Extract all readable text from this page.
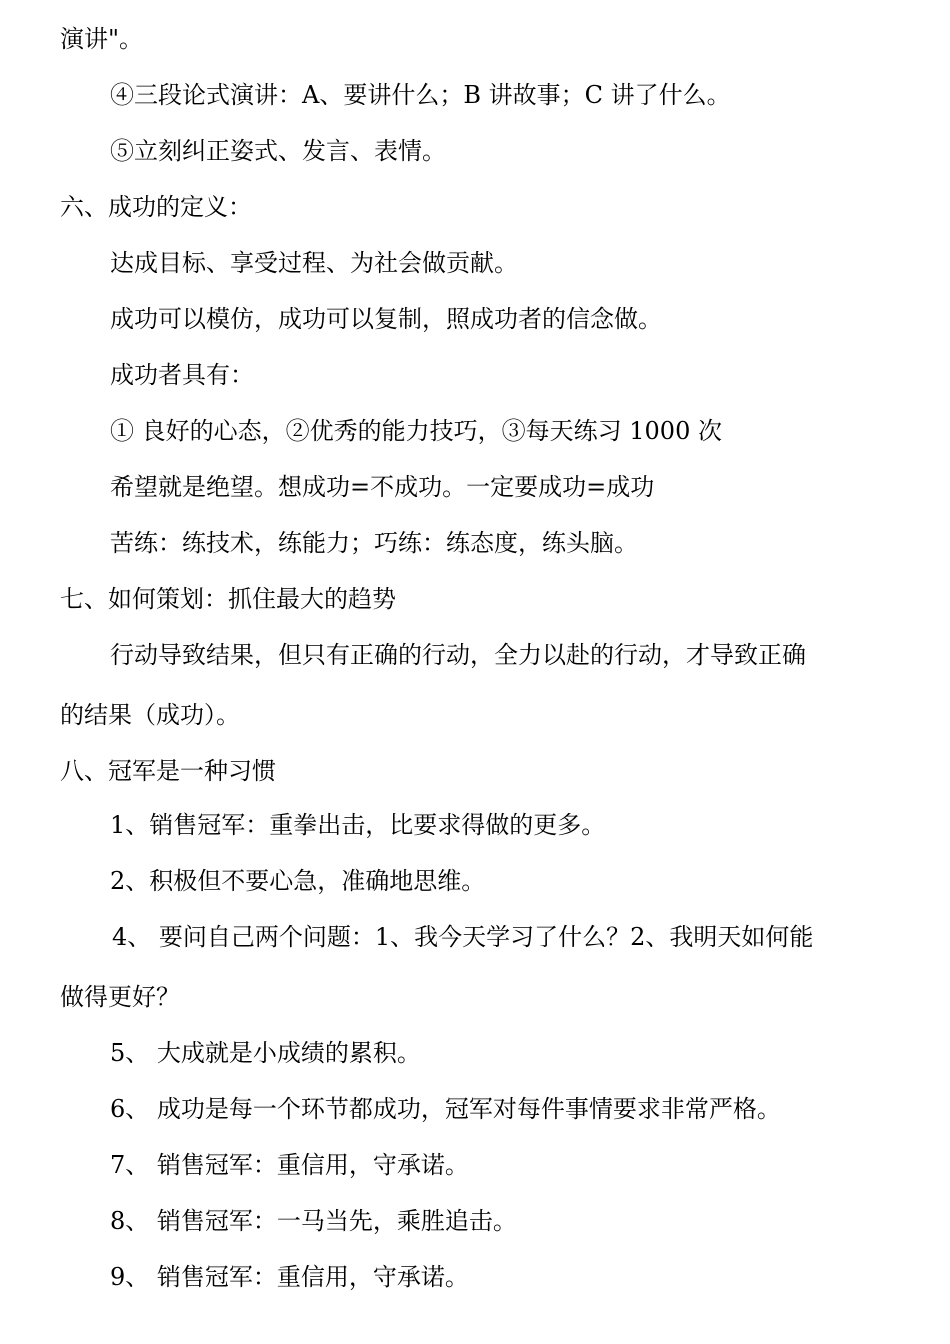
演讲"。
④三段论式演讲：A、要讲什么；B 讲故事；C 讲了什么。
⑤立刻纠正姿式、发言、表情。
六、成功的定义：
达成目标、享受过程、为社会做贡献。
成功可以模仿，成功可以复制，照成功者的信念做。
成功者具有：
① 良好的心态，②优秀的能力技巧，③每天练习 1000 次
希望就是绝望。想成功=不成功。一定要成功=成功
苦练：练技术，练能力；巧练：练态度，练头脑。
七、如何策划：抓住最大的趋势
行动导致结果，但只有正确的行动，全力以赴的行动，才导致正确
的结果（成功）。
八、冠军是一种习惯
1、销售冠军：重拳出击，比要求得做的更多。
2、积极但不要心急，准确地思维。
4、 要问自己两个问题：1、我今天学习了什么？2、我明天如何能
做得更好？
5、 大成就是小成绩的累积。
6、 成功是每一个环节都成功，冠军对每件事情要求非常严格。
7、 销售冠军：重信用，守承诺。
8、 销售冠军：一马当先，乘胜追击。
9、 销售冠军：重信用，守承诺。
